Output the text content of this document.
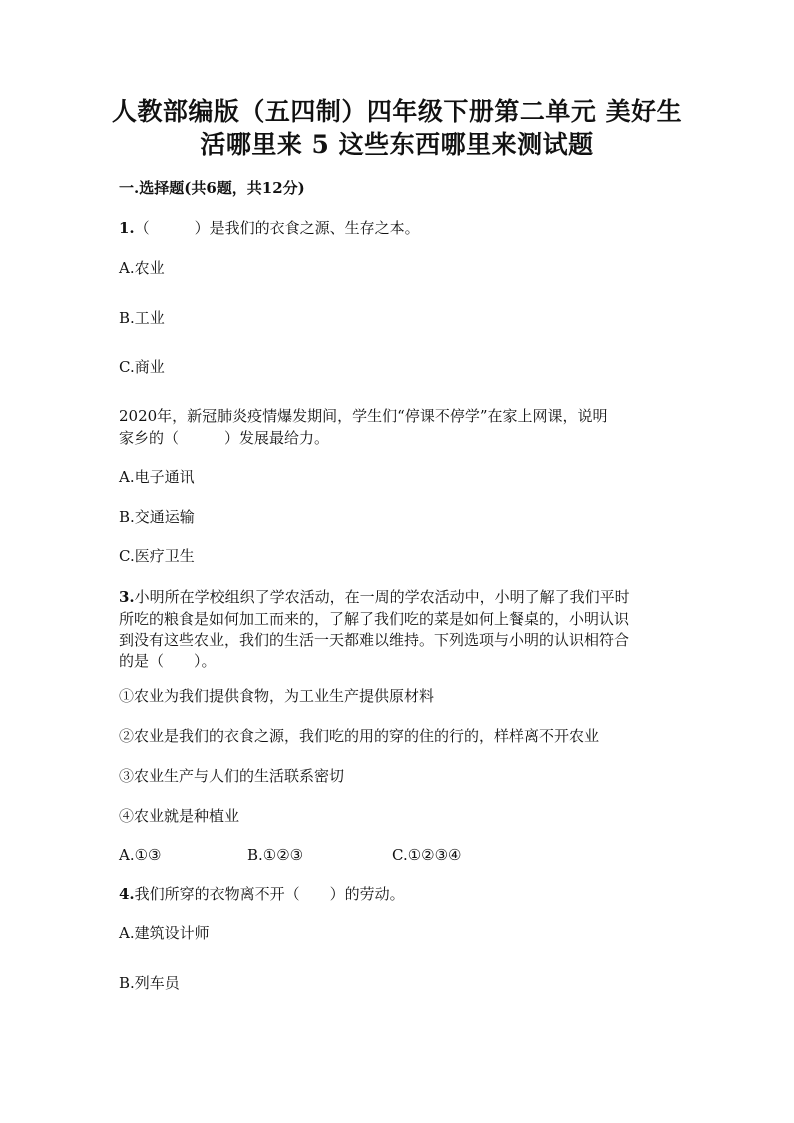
人教部编版（五四制）四年级下册第二单元 美好生
活哪里来 5 这些东西哪里来测试题
一.选择题(共6题，共12分)
1.（　　　）是我们的衣食之源、生存之本。
A.农业
B.工业
C.商业
2020年，新冠肺炎疫情爆发期间，学生们“停课不停学”在家上网课，说明
家乡的（　　　）发展最给力。
A.电子通讯
B.交通运输
C.医疗卫生
3.小明所在学校组织了学农活动，在一周的学农活动中，小明了解了我们平时
所吃的粮食是如何加工而来的，了解了我们吃的菜是如何上餐桌的，小明认识
到没有这些农业，我们的生活一天都难以维持。下列选项与小明的认识相符合
的是（　　）。
①农业为我们提供食物，为工业生产提供原材料
②农业是我们的衣食之源，我们吃的用的穿的住的行的，样样离不开农业
③农业生产与人们的生活联系密切
④农业就是种植业
A.①③	B.①②③	C.①②③④
4.我们所穿的衣物离不开（　　）的劳动。
A.建筑设计师
B.列车员
